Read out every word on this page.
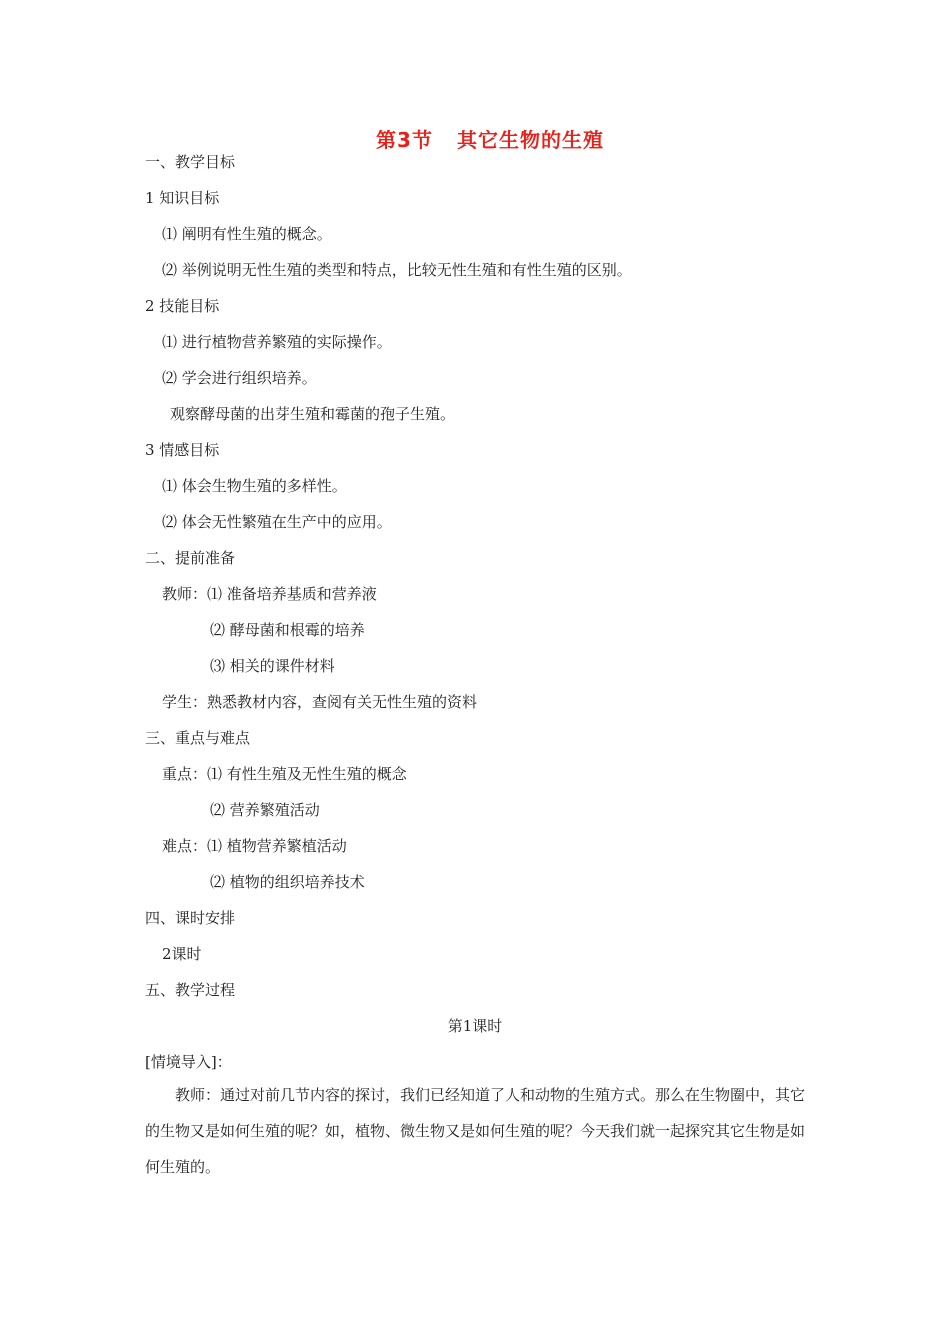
第3节 其它生物的生殖
一、教学目标
1 知识目标
⑴ 阐明有性生殖的概念。
⑵ 举例说明无性生殖的类型和特点，比较无性生殖和有性生殖的区别。
2 技能目标
⑴ 进行植物营养繁殖的实际操作。
⑵ 学会进行组织培养。
观察酵母菌的出芽生殖和霉菌的孢子生殖。
3 情感目标
⑴ 体会生物生殖的多样性。
⑵ 体会无性繁殖在生产中的应用。
二、提前准备
教师：⑴ 准备培养基质和营养液
⑵ 酵母菌和根霉的培养
⑶ 相关的课件材料
学生：熟悉教材内容，查阅有关无性生殖的资料
三、重点与难点
重点：⑴ 有性生殖及无性生殖的概念
⑵ 营养繁殖活动
难点：⑴ 植物营养繁植活动
⑵ 植物的组织培养技术
四、课时安排
2课时
五、教学过程
第1课时
[情境导入]：
教师：通过对前几节内容的探讨，我们已经知道了人和动物的生殖方式。那么在生物圈中，其它的生物又是如何生殖的呢？如，植物、微生物又是如何生殖的呢？今天我们就一起探究其它生物是如何生殖的。
